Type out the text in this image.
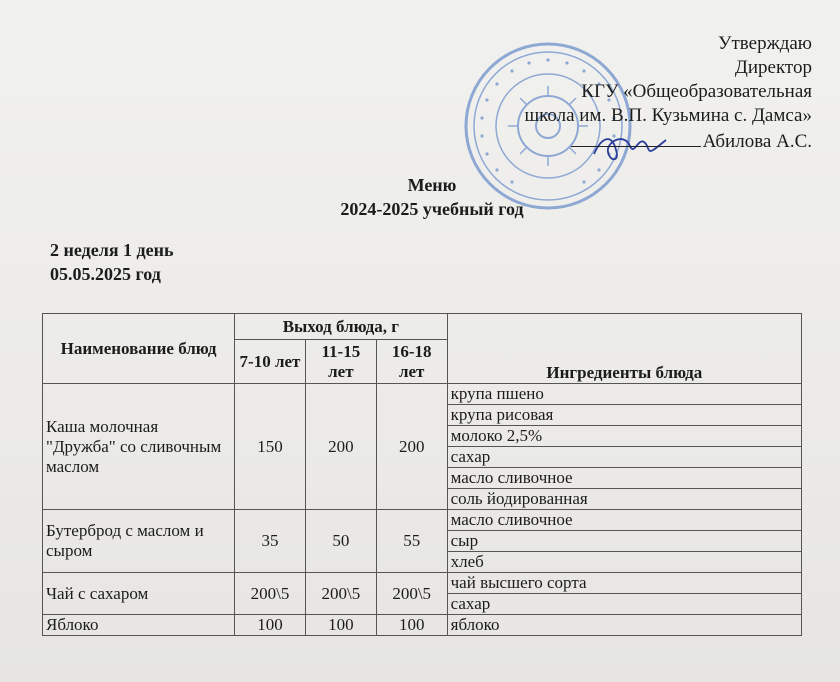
Утверждаю
Директор
КГУ «Общеобразовательная
школа им. В.П. Кузьмина с. Дамса»
Абилова А.С.
Меню
2024-2025 учебный год
2 неделя 1 день
05.05.2025 год
Наименование блюд	Выход блюда, г			Ингредиенты блюда
	7-10 лет	11-15 лет	16-18 лет	
Каша молочная "Дружба" со сливочным маслом	150	200	200	крупа пшено
				крупа рисовая
				молоко 2,5%
				сахар
				масло сливочное
				соль йодированная
Бутерброд с маслом и сыром	35	50	55	масло сливочное
				сыр
				хлеб
Чай с сахаром	200\5	200\5	200\5	чай высшего сорта
				сахар
Яблоко	100	100	100	яблоко
